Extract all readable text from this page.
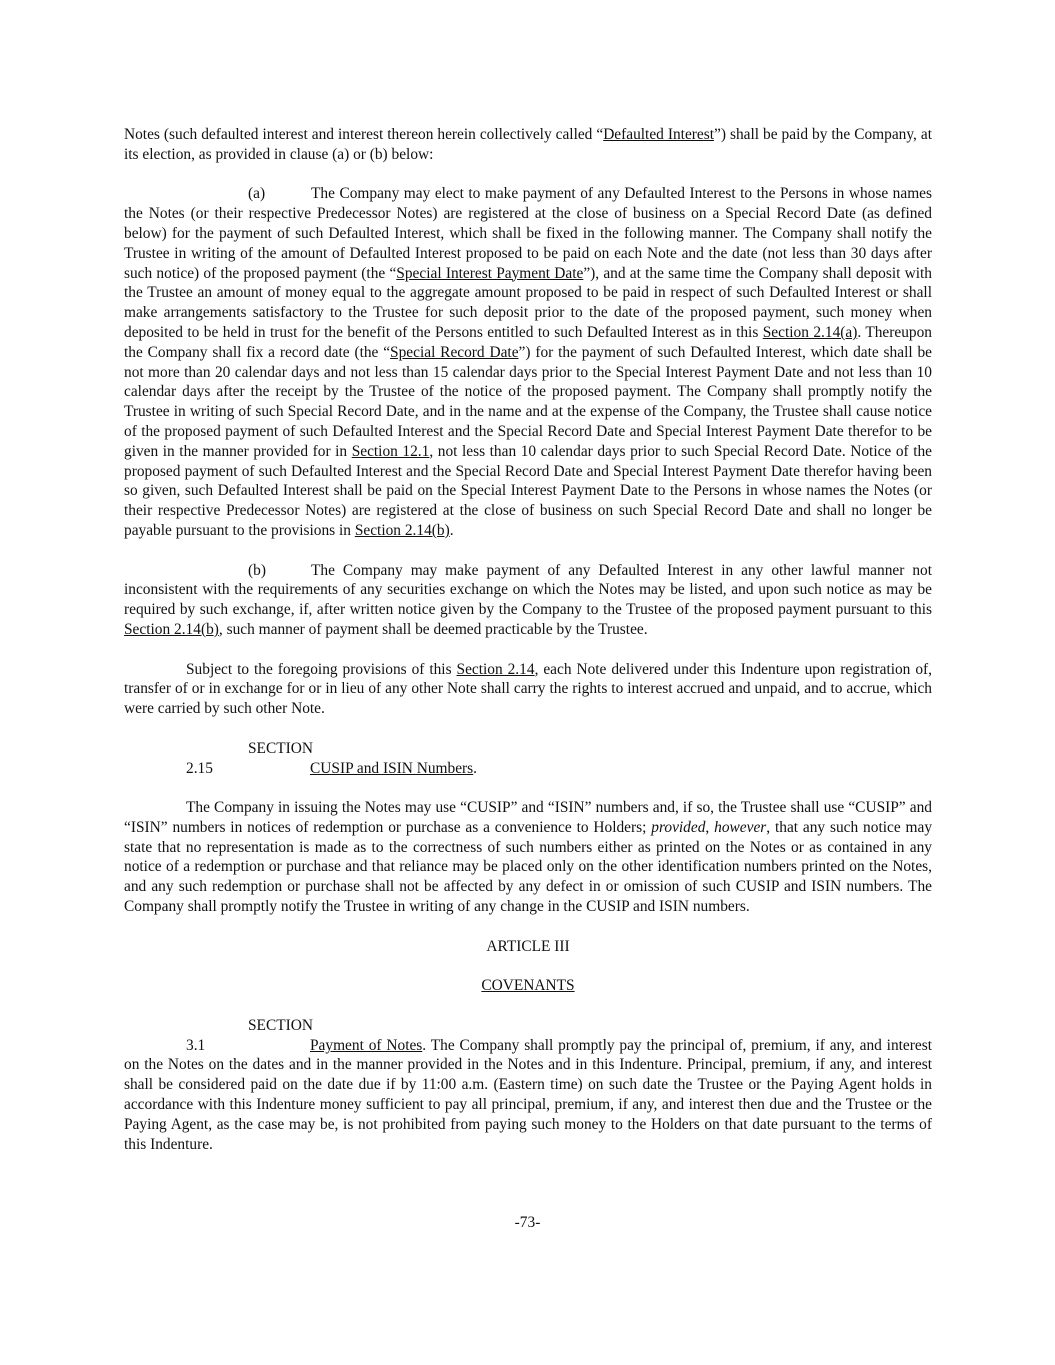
Notes (such defaulted interest and interest thereon herein collectively called “Defaulted Interest”) shall be paid by the Company, at its election, as provided in clause (a) or (b) below:

(a)	The Company may elect to make payment of any Defaulted Interest to the Persons in whose names the Notes (or their respective Predecessor Notes) are registered at the close of business on a Special Record Date (as defined below) for the payment of such Defaulted Interest, which shall be fixed in the following manner. The Company shall notify the Trustee in writing of the amount of Defaulted Interest proposed to be paid on each Note and the date (not less than 30 days after such notice) of the proposed payment (the “Special Interest Payment Date”), and at the same time the Company shall deposit with the Trustee an amount of money equal to the aggregate amount proposed to be paid in respect of such Defaulted Interest or shall make arrangements satisfactory to the Trustee for such deposit prior to the date of the proposed payment, such money when deposited to be held in trust for the benefit of the Persons entitled to such Defaulted Interest as in this Section 2.14(a). Thereupon the Company shall fix a record date (the “Special Record Date”) for the payment of such Defaulted Interest, which date shall be not more than 20 calendar days and not less than 15 calendar days prior to the Special Interest Payment Date and not less than 10 calendar days after the receipt by the Trustee of the notice of the proposed payment. The Company shall promptly notify the Trustee in writing of such Special Record Date, and in the name and at the expense of the Company, the Trustee shall cause notice of the proposed payment of such Defaulted Interest and the Special Record Date and Special Interest Payment Date therefor to be given in the manner provided for in Section 12.1, not less than 10 calendar days prior to such Special Record Date. Notice of the proposed payment of such Defaulted Interest and the Special Record Date and Special Interest Payment Date therefor having been so given, such Defaulted Interest shall be paid on the Special Interest Payment Date to the Persons in whose names the Notes (or their respective Predecessor Notes) are registered at the close of business on such Special Record Date and shall no longer be payable pursuant to the provisions in Section 2.14(b).

(b)	The Company may make payment of any Defaulted Interest in any other lawful manner not inconsistent with the requirements of any securities exchange on which the Notes may be listed, and upon such notice as may be required by such exchange, if, after written notice given by the Company to the Trustee of the proposed payment pursuant to this Section 2.14(b), such manner of payment shall be deemed practicable by the Trustee.

Subject to the foregoing provisions of this Section 2.14, each Note delivered under this Indenture upon registration of, transfer of or in exchange for or in lieu of any other Note shall carry the rights to interest accrued and unpaid, and to accrue, which were carried by such other Note.

SECTION 2.15	CUSIP and ISIN Numbers.

The Company in issuing the Notes may use “CUSIP” and “ISIN” numbers and, if so, the Trustee shall use “CUSIP” and “ISIN” numbers in notices of redemption or purchase as a convenience to Holders; provided, however, that any such notice may state that no representation is made as to the correctness of such numbers either as printed on the Notes or as contained in any notice of a redemption or purchase and that reliance may be placed only on the other identification numbers printed on the Notes, and any such redemption or purchase shall not be affected by any defect in or omission of such CUSIP and ISIN numbers. The Company shall promptly notify the Trustee in writing of any change in the CUSIP and ISIN numbers.

ARTICLE III

COVENANTS

SECTION 3.1	Payment of Notes. The Company shall promptly pay the principal of, premium, if any, and interest on the Notes on the dates and in the manner provided in the Notes and in this Indenture. Principal, premium, if any, and interest shall be considered paid on the date due if by 11:00 a.m. (Eastern time) on such date the Trustee or the Paying Agent holds in accordance with this Indenture money sufficient to pay all principal, premium, if any, and interest then due and the Trustee or the Paying Agent, as the case may be, is not prohibited from paying such money to the Holders on that date pursuant to the terms of this Indenture.

-73-
